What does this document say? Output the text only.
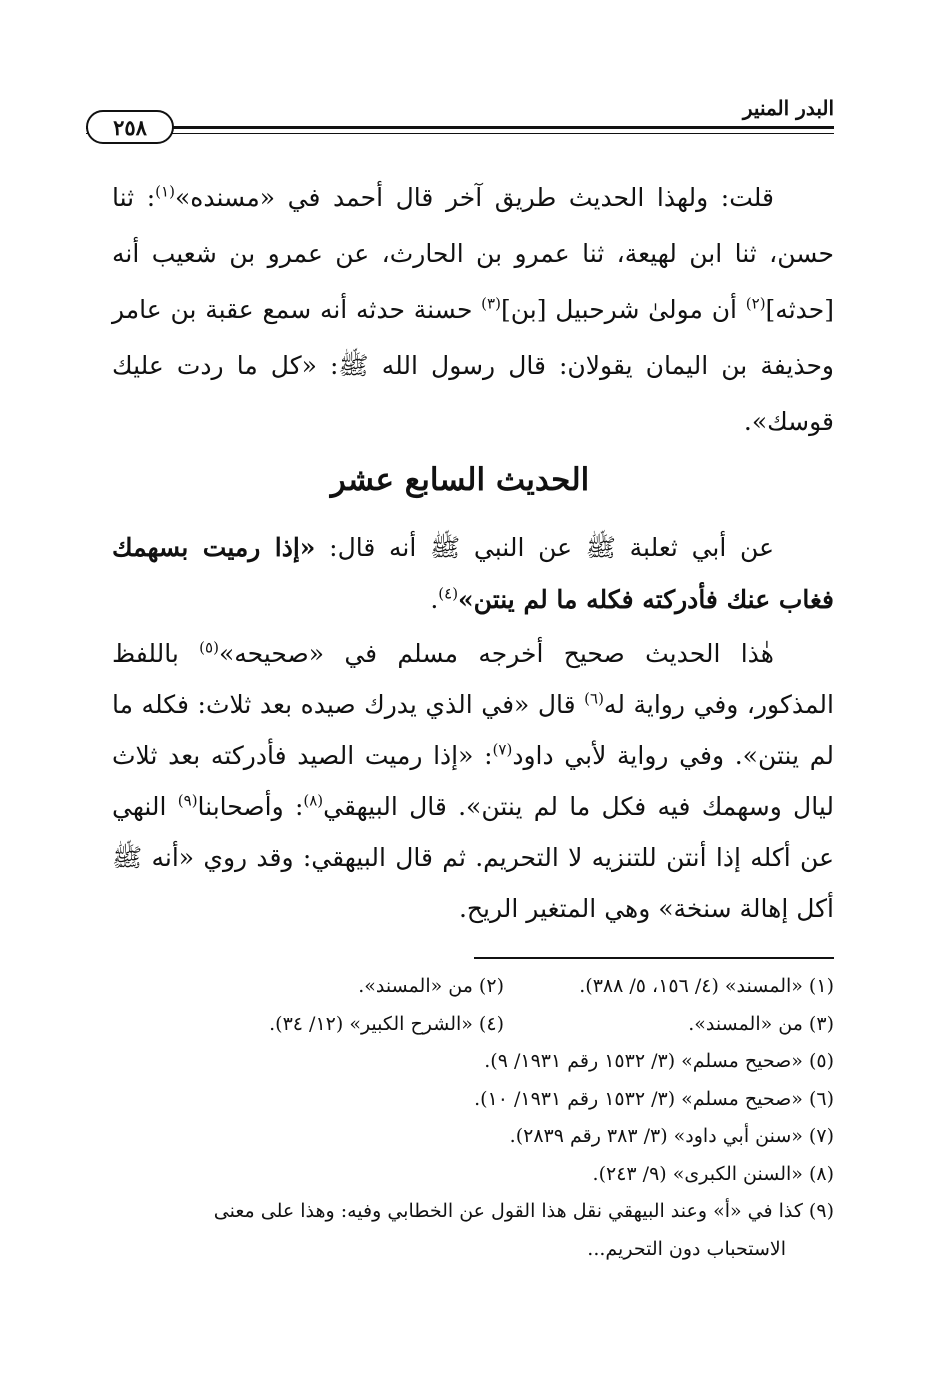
٢٥٨
البدر المنير
قلت: ولهذا الحديث طريق آخر قال أحمد في «مسنده»$^{(١)}$: ثنا حسن، ثنا ابن لهيعة، ثنا عمرو بن الحارث، عن عمرو بن شعيب أنه [حدثه]$^{(٢)}$ أن مولىٰ شرحبيل [بن]$^{(٣)}$ حسنة حدثه أنه سمع عقبة بن عامر وحذيفة بن اليمان يقولان: قال رسول الله ﷺ: «كل ما ردت عليك قوسك».
الحديث السابع عشر
عن أبي ثعلبة ﷺ عن النبي ﷺ أنه قال: «إذا رميت بسهمك فغاب عنك فأدركته فكله ما لم ينتن»$^{(٤)}$.
هٰذا الحديث صحيح أخرجه مسلم في «صحيحه»$^{(٥)}$ باللفظ المذكور، وفي رواية له$^{(٦)}$ قال «في الذي يدرك صيده بعد ثلاث: فكله ما لم ينتن». وفي رواية لأبي داود$^{(٧)}$: «إذا رميت الصيد فأدركته بعد ثلاث ليال وسهمك فيه فكل ما لم ينتن». قال البيهقي$^{(٨)}$: وأصحابنا$^{(٩)}$ النهي عن أكله إذا أنتن للتنزيه لا التحريم. ثم قال البيهقي: وقد روي «أنه ﷺ أكل إهالة سنخة» وهي المتغير الريح.
(١) «المسند» (٤/ ١٥٦، ٥/ ٣٨٨).
(٢) من «المسند».
(٣) من «المسند».
(٤) «الشرح الكبير» (١٢/ ٣٤).
(٥) «صحيح مسلم» (٣/ ١٥٣٢ رقم ١٩٣١/ ٩).
(٦) «صحيح مسلم» (٣/ ١٥٣٢ رقم ١٩٣١/ ١٠).
(٧) «سنن أبي داود» (٣/ ٣٨٣ رقم ٢٨٣٩).
(٨) «السنن الكبرى» (٩/ ٢٤٣).
(٩) كذا في «أ» وعند البيهقي نقل هذا القول عن الخطابي وفيه: وهذا على معنى
الاستحباب دون التحريم...
